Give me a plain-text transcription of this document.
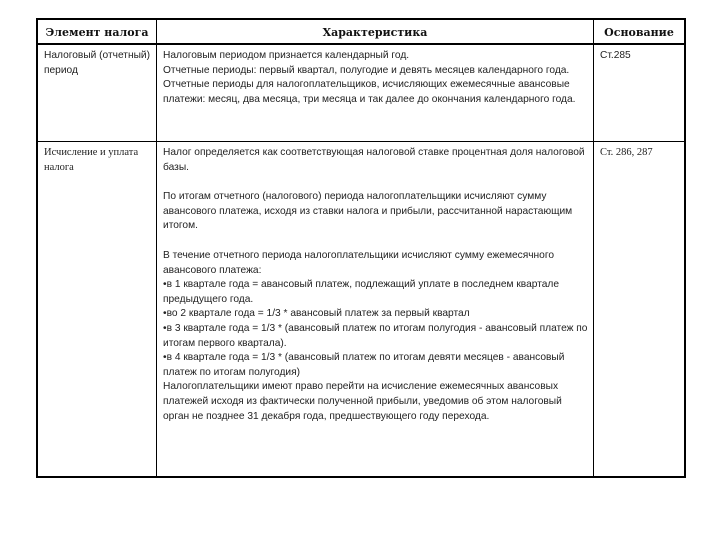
Элемент налога	Характеристика	Основание
Налоговый (отчетный) период

Налоговым периодом признается календарный год.

Отчетные периоды: первый квартал, полугодие и девять месяцев календарного года.

Отчетные периоды для налогоплательщиков, исчисляющих ежемесячные авансовые платежи: месяц, два месяца, три месяца и так далее до окончания календарного года.

Ст.285
Исчисление и уплата налога

Налог определяется как соответствующая налоговой ставке процентная доля налоговой базы.

По итогам отчетного (налогового) периода налогоплательщики исчисляют сумму авансового платежа, исходя из ставки налога и прибыли, рассчитанной нарастающим итогом.

В течение отчетного периода налогоплательщики исчисляют сумму ежемесячного авансового платежа:

• в 1 квартале года = авансовый платеж, подлежащий уплате в последнем квартале предыдущего года.

• во 2 квартале года = 1/3 * авансовый платеж за первый квартал

• в 3 квартале года = 1/3 * (авансовый платеж по итогам полугодия - авансовый платеж по итогам первого квартала).

• в 4 квартале года = 1/3 * (авансовый платеж по итогам девяти месяцев - авансовый платеж по итогам полугодия)

Налогоплательщики имеют право перейти на исчисление ежемесячных авансовых платежей исходя из фактически полученной прибыли, уведомив об этом налоговый орган не позднее 31 декабря года, предшествующего году перехода.

Ст. 286, 287
